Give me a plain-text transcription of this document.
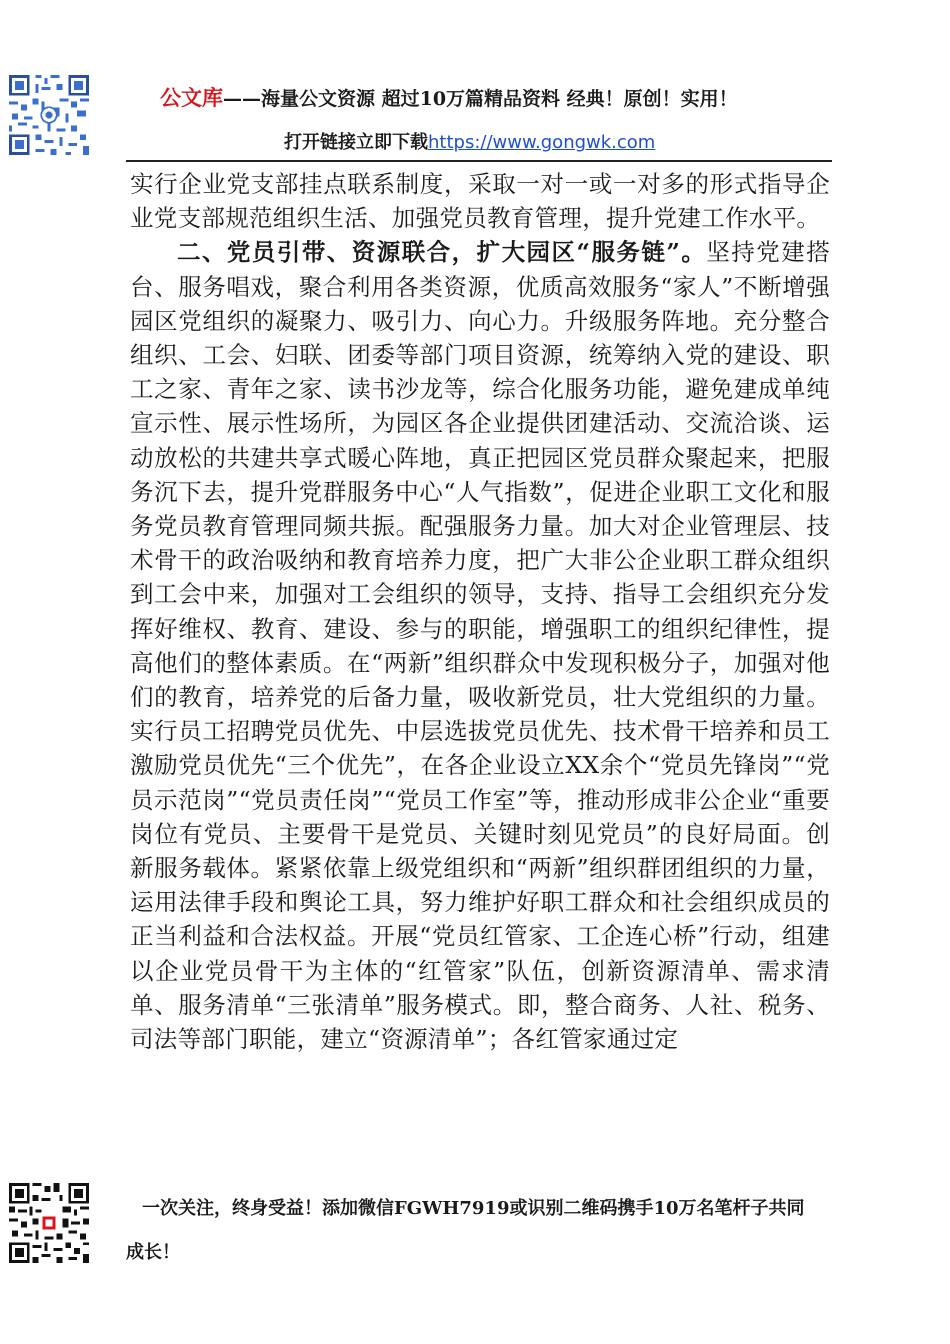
公文库——海量公文资源 超过10万篇精品资料 经典！原创！实用！
打开链接立即下载https://www.gongwk.com

实行企业党支部挂点联系制度，采取一对一或一对多的形式指导企业党支部规范组织生活、加强党员教育管理，提升党建工作水平。

二、党员引带、资源联合，扩大园区“服务链”。坚持党建搭台、服务唱戏，聚合利用各类资源，优质高效服务“家人”不断增强园区党组织的凝聚力、吸引力、向心力。升级服务阵地。充分整合组织、工会、妇联、团委等部门项目资源，统筹纳入党的建设、职工之家、青年之家、读书沙龙等，综合化服务功能，避免建成单纯宣示性、展示性场所，为园区各企业提供团建活动、交流洽谈、运动放松的共建共享式暖心阵地，真正把园区党员群众聚起来，把服务沉下去，提升党群服务中心“人气指数”，促进企业职工文化和服务党员教育管理同频共振。配强服务力量。加大对企业管理层、技术骨干的政治吸纳和教育培养力度，把广大非公企业职工群众组织到工会中来，加强对工会组织的领导，支持、指导工会组织充分发挥好维权、教育、建设、参与的职能，增强职工的组织纪律性，提高他们的整体素质。在“两新”组织群众中发现积极分子，加强对他们的教育，培养党的后备力量，吸收新党员，壮大党组织的力量。实行员工招聘党员优先、中层选拔党员优先、技术骨干培养和员工激励党员优先“三个优先”，在各企业设立XX余个“党员先锋岗”“党员示范岗”“党员责任岗”“党员工作室”等，推动形成非公企业“重要岗位有党员、主要骨干是党员、关键时刻见党员”的良好局面。创新服务载体。紧紧依靠上级党组织和“两新”组织群团组织的力量，运用法律手段和舆论工具，努力维护好职工群众和社会组织成员的正当利益和合法权益。开展“党员红管家、工企连心桥”行动，组建以企业党员骨干为主体的“红管家”队伍，创新资源清单、需求清单、服务清单“三张清单”服务模式。即，整合商务、人社、税务、司法等部门职能，建立“资源清单”；各红管家通过定

一次关注，终身受益！添加微信FGWH7919或识别二维码携手10万名笔杆子共同
成长！
